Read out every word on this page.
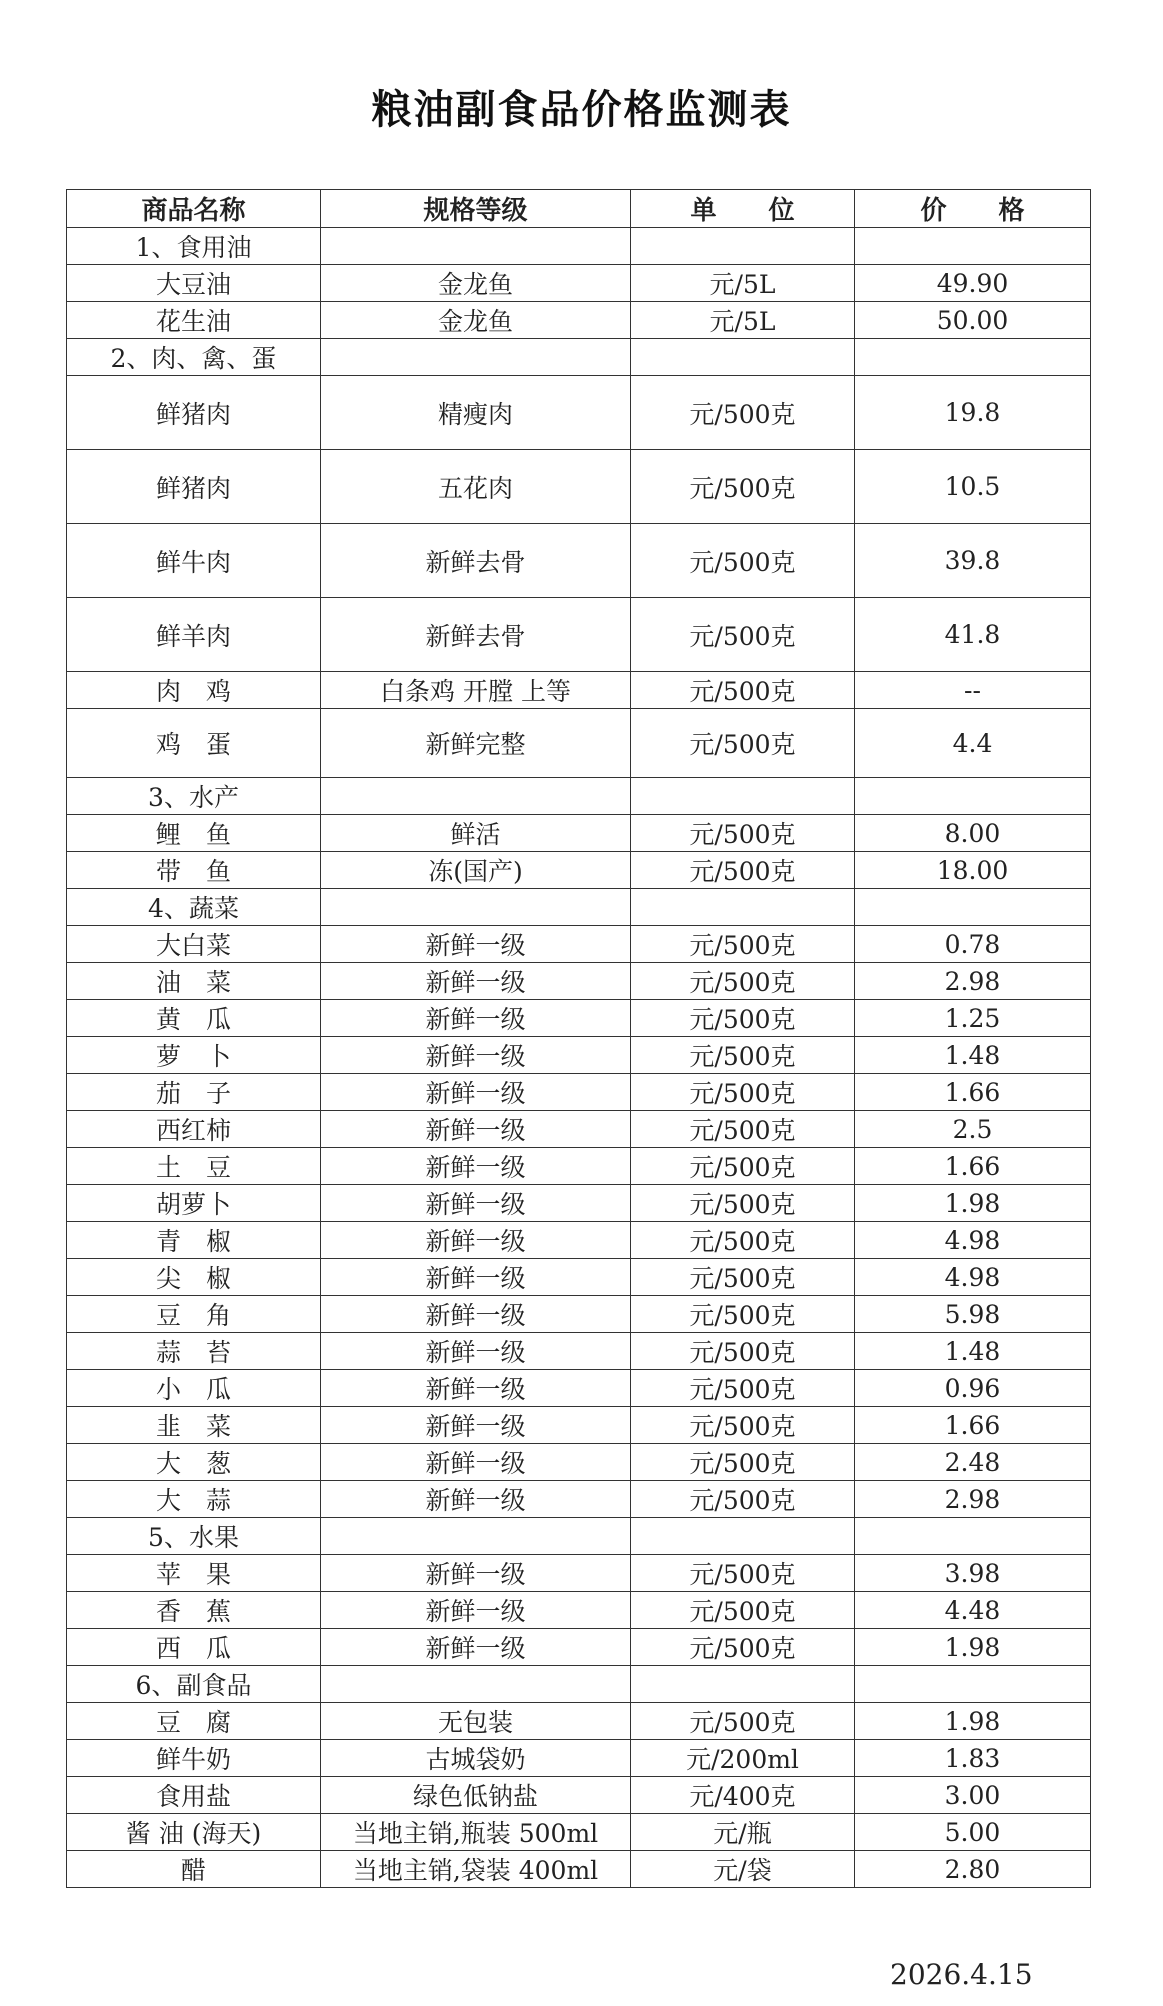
粮油副食品价格监测表
商品名称	规格等级	单　　位	价　　格
1、食用油			
大豆油	金龙鱼	元/5L	49.90
花生油	金龙鱼	元/5L	50.00
2、肉、禽、蛋			
鲜猪肉	精瘦肉	元/500克	19.8
鲜猪肉	五花肉	元/500克	10.5
鲜牛肉	新鲜去骨	元/500克	39.8
鲜羊肉	新鲜去骨	元/500克	41.8
肉　鸡	白条鸡 开膛 上等	元/500克	--
鸡　蛋	新鲜完整	元/500克	4.4
3、水产			
鲤　鱼	鲜活	元/500克	8.00
带　鱼	冻(国产)	元/500克	18.00
4、蔬菜			
大白菜	新鲜一级	元/500克	0.78
油　菜	新鲜一级	元/500克	2.98
黄　瓜	新鲜一级	元/500克	1.25
萝　卜	新鲜一级	元/500克	1.48
茄　子	新鲜一级	元/500克	1.66
西红柿	新鲜一级	元/500克	2.5
土　豆	新鲜一级	元/500克	1.66
胡萝卜	新鲜一级	元/500克	1.98
青　椒	新鲜一级	元/500克	4.98
尖　椒	新鲜一级	元/500克	4.98
豆　角	新鲜一级	元/500克	5.98
蒜　苔	新鲜一级	元/500克	1.48
小　瓜	新鲜一级	元/500克	0.96
韭　菜	新鲜一级	元/500克	1.66
大　葱	新鲜一级	元/500克	2.48
大　蒜	新鲜一级	元/500克	2.98
5、水果			
苹　果	新鲜一级	元/500克	3.98
香　蕉	新鲜一级	元/500克	4.48
西　瓜	新鲜一级	元/500克	1.98
6、副食品			
豆　腐	无包装	元/500克	1.98
鲜牛奶	古城袋奶	元/200ml	1.83
食用盐	绿色低钠盐	元/400克	3.00
酱 油 (海天)	当地主销,瓶装 500ml	元/瓶	5.00
醋	当地主销,袋装 400ml	元/袋	2.80
2026.4.15
